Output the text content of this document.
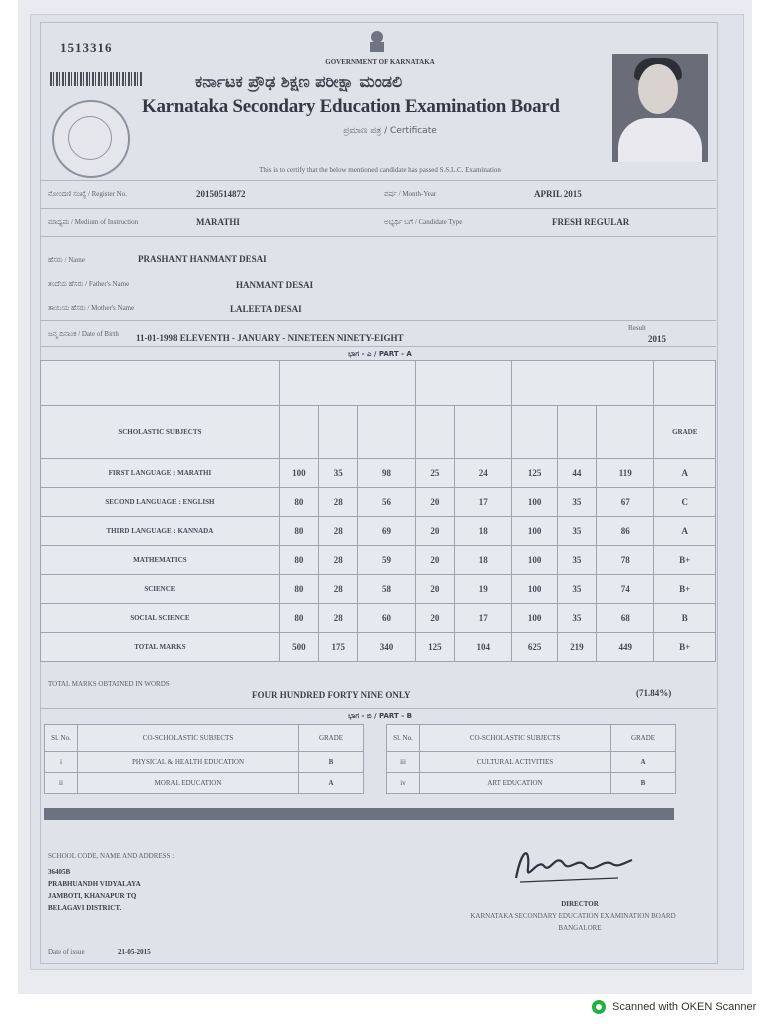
1513316
GOVERNMENT OF KARNATAKA
ಕರ್ನಾಟಕ ಪ್ರೌಢ ಶಿಕ್ಷಣ ಪರೀಕ್ಷಾ ಮಂಡಲಿ
Karnataka Secondary Education Examination Board
ಪ್ರಮಾಣ ಪತ್ರ / Certificate
This is to certify that the below mentioned candidate has passed S.S.L.C. Examination
ನೋಂದಣಿ ಸಂಖ್ಯೆ / Register No.	20150514872	ವರ್ಷ / Month-Year	APRIL 2015
ಮಾಧ್ಯಮ / Medium of Instruction	MARATHI	ಅಭ್ಯರ್ಥಿ ಬಗೆ / Candidate Type	FRESH REGULAR
ಹೆಸರು / Name	PRASHANT HANMANT DESAI
ತಂದೆಯ ಹೆಸರು / Father's Name	HANMANT DESAI
ತಾಯಿಯ ಹೆಸರು / Mother's Name	LALEETA DESAI
ಜನ್ಮ ದಿನಾಂಕ / Date of Birth	11-01-1998 ELEVENTH - JANUARY - NINETEEN NINETY-EIGHT
Result
2015
ಭಾಗ - ಎ / PART - A

SCHOLASTIC SUBJECTS									GRADE
FIRST LANGUAGE : MARATHI	100	35	98	25	24	125	44	119	A
SECOND LANGUAGE : ENGLISH	80	28	56	20	17	100	35	67	C
THIRD LANGUAGE : KANNADA	80	28	69	20	18	100	35	86	A
MATHEMATICS	80	28	59	20	18	100	35	78	B+
SCIENCE	80	28	58	20	19	100	35	74	B+
SOCIAL SCIENCE	80	28	60	20	17	100	35	68	B
TOTAL MARKS	500	175	340	125	104	625	219	449	B+
TOTAL MARKS OBTAINED IN WORDS
FOUR HUNDRED FORTY NINE ONLY	(71.84%)
ಭಾಗ - ಬಿ / PART - B
Sl. No.	CO-SCHOLASTIC SUBJECTS	GRADE
i	PHYSICAL & HEALTH EDUCATION	B
ii	MORAL EDUCATION	A
Sl. No.	CO-SCHOLASTIC SUBJECTS	GRADE
iii	CULTURAL ACTIVITIES	A
iv	ART EDUCATION	B
SCHOOL CODE, NAME AND ADDRESS :
36405B
PRABHUANDH VIDYALAYA
JAMBOTI, KHANAPUR TQ
BELAGAVI DISTRICT.
Date of issue	21-05-2015
DIRECTOR
KARNATAKA SECONDARY EDUCATION EXAMINATION BOARD
BANGALORE
Scanned with OKEN Scanner
